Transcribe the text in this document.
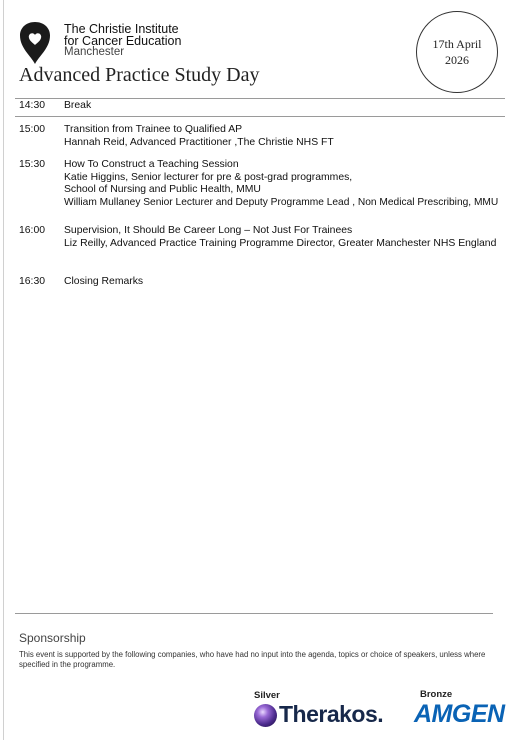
The Christie Institute
for Cancer Education
Manchester
17th April
2026
Advanced Practice Study Day
14:30 Break
15:00 Transition from Trainee to Qualified AP
Hannah Reid, Advanced Practitioner ,The Christie NHS FT
15:30 How To Construct a Teaching Session
Katie Higgins, Senior lecturer for pre & post-grad programmes,
School of Nursing and Public Health, MMU
William Mullaney Senior Lecturer and Deputy Programme Lead , Non Medical Prescribing, MMU
16:00 Supervision, It Should Be Career Long – Not Just For Trainees
Liz Reilly, Advanced Practice Training Programme Director, Greater Manchester NHS England
16:30 Closing Remarks
Sponsorship
This event is supported by the following companies, who have had no input into the agenda, topics or choice of speakers, unless where specified in the programme.
Silver
Therakos.
Bronze
AMGEN
